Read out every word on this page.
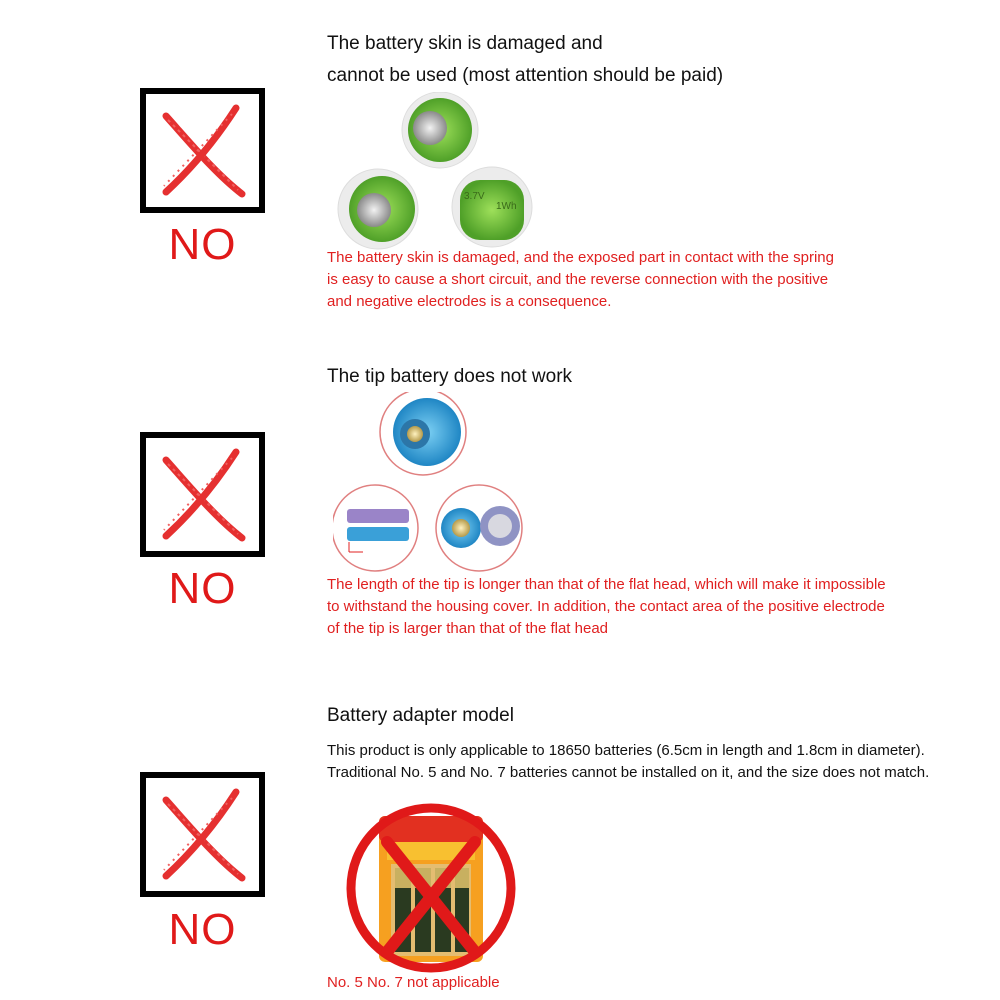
NO
The battery skin is damaged and
cannot be used (most attention should be paid)
3.7V
1Wh
The battery skin is damaged, and the exposed part in contact with the spring
is easy to cause a short circuit, and the reverse connection with the positive
and negative electrodes is a consequence.
NO
The tip battery does not work
The length of the tip is longer than that of the flat head, which will make it impossible
to withstand the housing cover. In addition, the contact area of the positive electrode
of the tip is larger than that of the flat head
NO
Battery adapter model
This product is only applicable to 18650 batteries (6.5cm in length and 1.8cm in diameter).
Traditional No. 5 and No. 7 batteries cannot be installed on it, and the size does not match.
No. 5 No. 7 not applicable
